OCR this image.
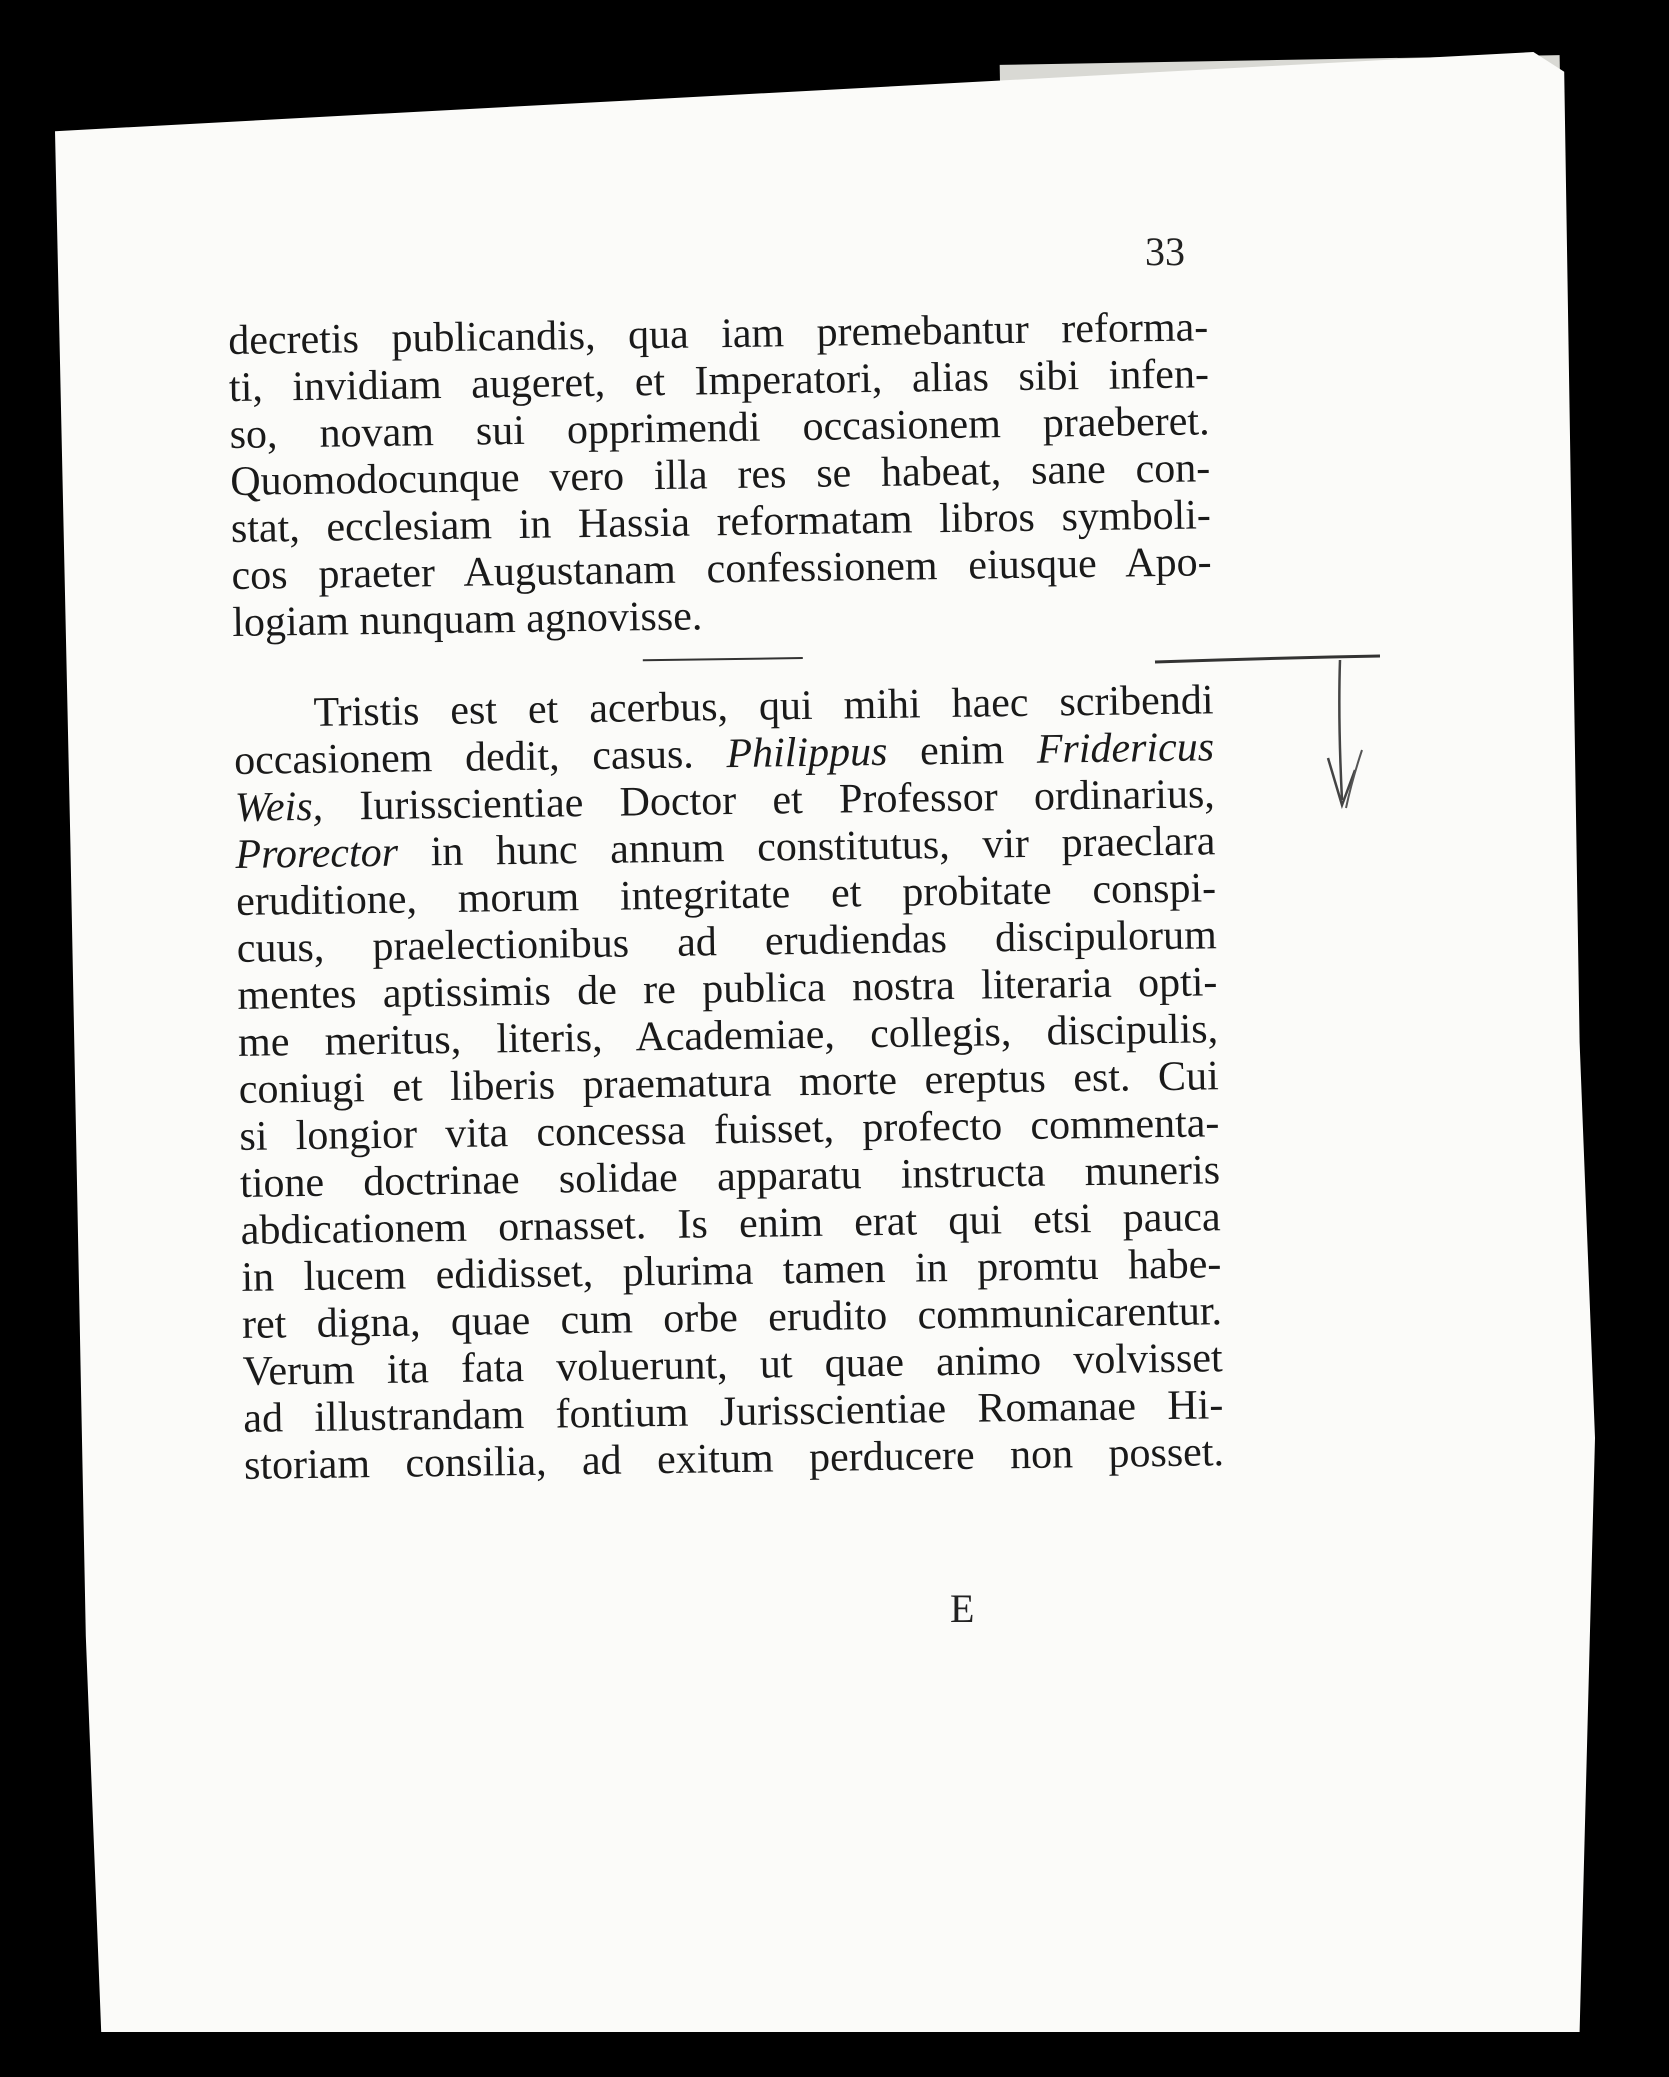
33
decretis publicandis, qua iam premebantur reforma-
ti, invidiam augeret, et Imperatori, alias sibi infen-
so, novam sui opprimendi occasionem praeberet.
Quomodocunque vero illa res se habeat, sane con-
stat, ecclesiam in Hassia reformatam libros symboli-
cos praeter Augustanam confessionem eiusque Apo-
logiam nunquam agnovisse.
Tristis est et acerbus, qui mihi haec scribendi
occasionem dedit, casus. Philippus enim Fridericus
Weis, Iurisscientiae Doctor et Professor ordinarius,
Prorector in hunc annum constitutus, vir praeclara
eruditione, morum integritate et probitate conspi-
cuus, praelectionibus ad erudiendas discipulorum
mentes aptissimis de re publica nostra literaria opti-
me meritus, literis, Academiae, collegis, discipulis,
coniugi et liberis praematura morte ereptus est. Cui
si longior vita concessa fuisset, profecto commenta-
tione doctrinae solidae apparatu instructa muneris
abdicationem ornasset. Is enim erat qui etsi pauca
in lucem edidisset, plurima tamen in promtu habe-
ret digna, quae cum orbe erudito communicarentur.
Verum ita fata voluerunt, ut quae animo volvisset
ad illustrandam fontium Jurisscientiae Romanae Hi-
storiam consilia, ad exitum perducere non posset.
E
